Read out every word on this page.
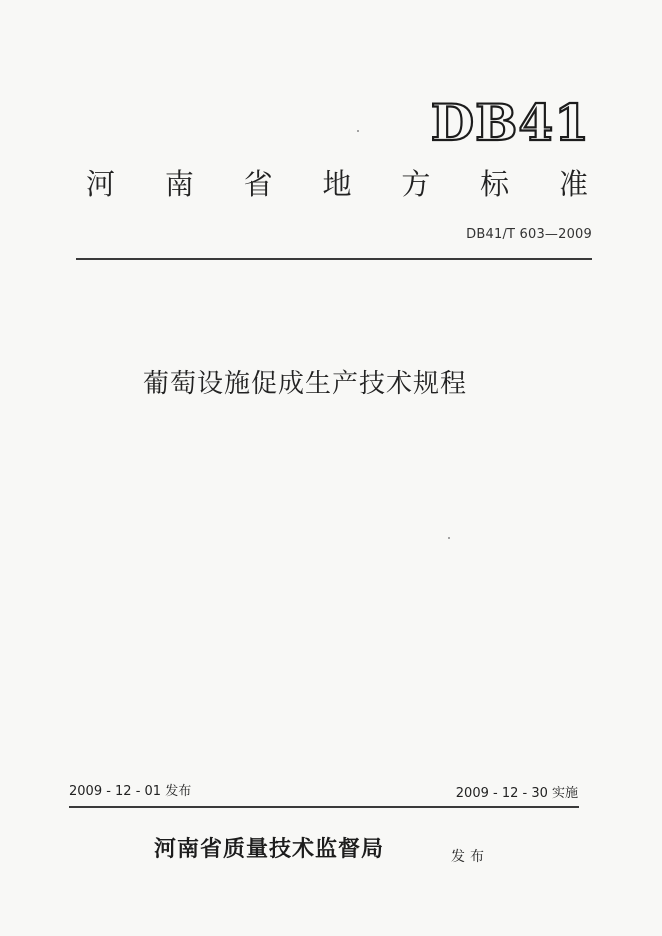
DB41
河 南 省 地 方 标 准
DB41/T 603—2009
葡萄设施促成生产技术规程
2009 - 12 - 01 发布	2009 - 12 - 30 实施
河南省质量技术监督局	发布
